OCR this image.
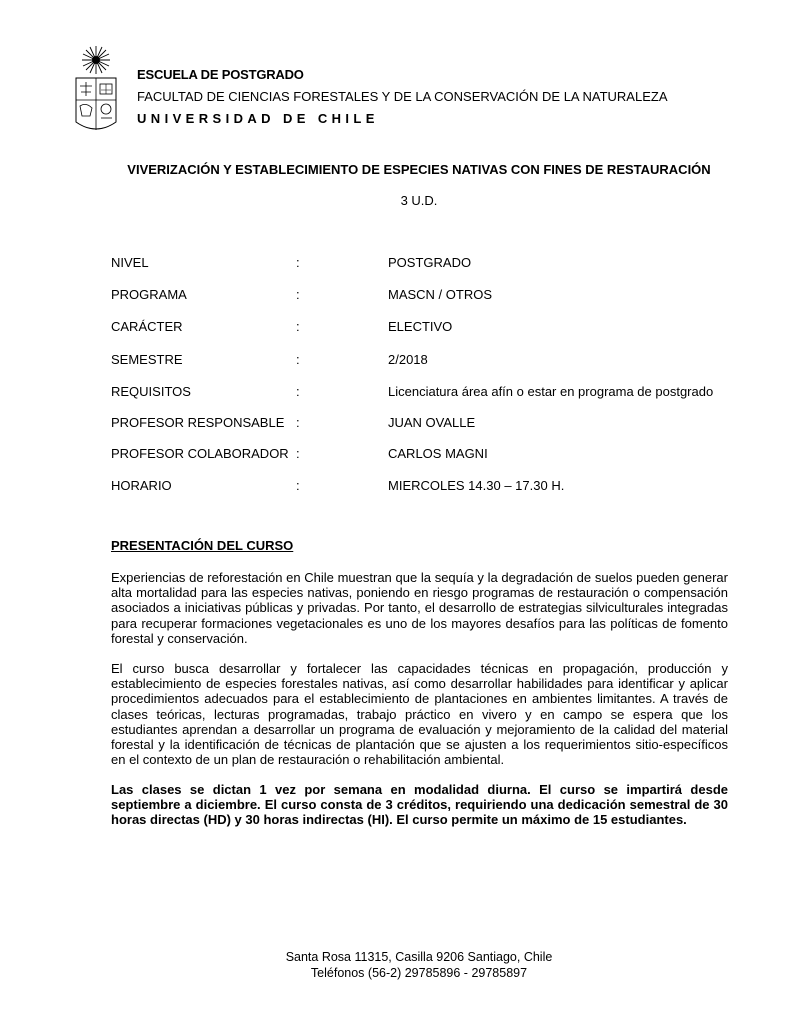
ESCUELA DE POSTGRADO
FACULTAD DE CIENCIAS FORESTALES Y DE LA CONSERVACIÓN DE LA NATURALEZA
UNIVERSIDAD DE CHILE
VIVERIZACIÓN Y ESTABLECIMIENTO DE ESPECIES NATIVAS CON FINES DE RESTAURACIÓN
3 U.D.
NIVEL	:	POSTGRADO
PROGRAMA	:	MASCN / OTROS
CARÁCTER	:	ELECTIVO
SEMESTRE	:	2/2018
REQUISITOS	:	Licenciatura área afín o estar en programa de postgrado
PROFESOR RESPONSABLE :	JUAN OVALLE
PROFESOR COLABORADOR :	CARLOS MAGNI
HORARIO	:	MIERCOLES 14.30 – 17.30 H.
PRESENTACIÓN DEL CURSO
Experiencias de reforestación en Chile muestran que la sequía y la degradación de suelos pueden generar alta mortalidad para las especies nativas, poniendo en riesgo programas de restauración o compensación asociados a iniciativas públicas y privadas. Por tanto, el desarrollo de estrategias silviculturales integradas para recuperar formaciones vegetacionales es uno de los mayores desafíos para las políticas de fomento forestal y conservación.
El curso busca desarrollar y fortalecer las capacidades técnicas en propagación, producción y establecimiento de especies forestales nativas, así como desarrollar habilidades para identificar y aplicar procedimientos adecuados para el establecimiento de plantaciones en ambientes limitantes. A través de clases teóricas, lecturas programadas, trabajo práctico en vivero y en campo se espera que los estudiantes aprendan a desarrollar un programa de evaluación y mejoramiento de la calidad del material forestal y la identificación de técnicas de plantación que se ajusten a los requerimientos sitio-específicos en el contexto de un plan de restauración o rehabilitación ambiental.
Las clases se dictan 1 vez por semana en modalidad diurna. El curso se impartirá desde septiembre a diciembre. El curso consta de 3 créditos, requiriendo una dedicación semestral de 30 horas directas (HD) y 30 horas indirectas (HI). El curso permite un máximo de 15 estudiantes.
Santa Rosa 11315, Casilla 9206 Santiago, Chile
Teléfonos (56-2) 29785896 - 29785897
